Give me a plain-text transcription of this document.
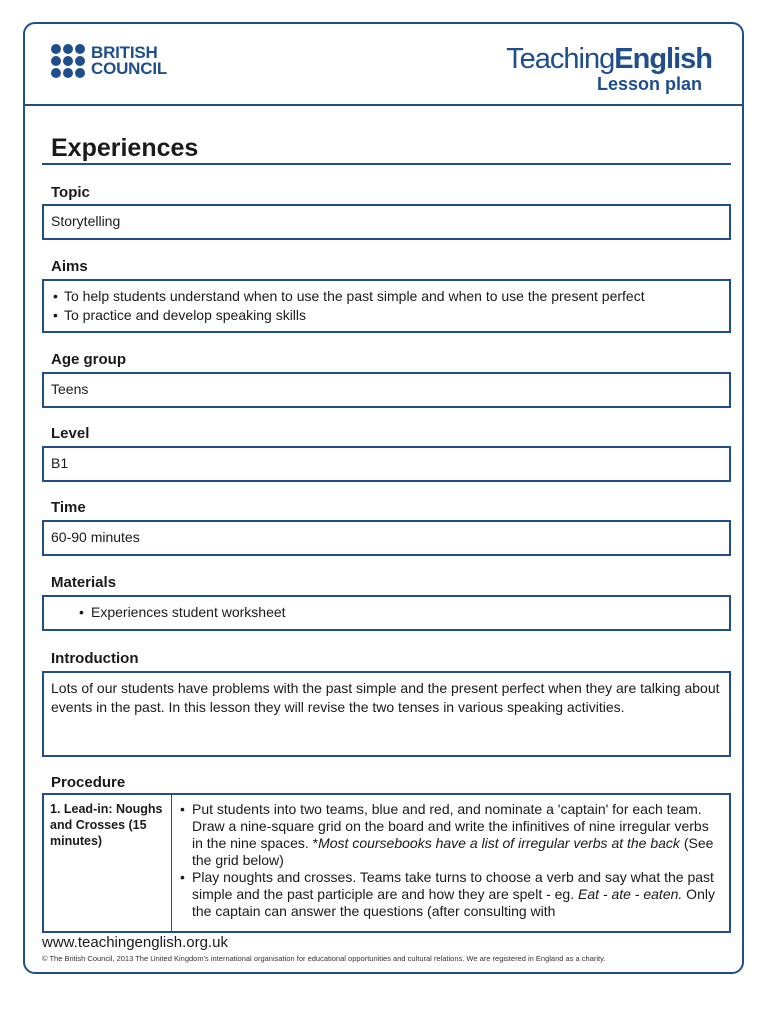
BRITISH
COUNCIL	TeachingEnglish
Lesson plan
Experiences
Topic
Storytelling
Aims
• To help students understand when to use the past simple and when to use the present perfect
• To practice and develop speaking skills
Age group
Teens
Level
B1
Time
60-90 minutes
Materials
• Experiences student worksheet
Introduction
Lots of our students have problems with the past simple and the present perfect when they are talking about events in the past. In this lesson they will revise the two tenses in various speaking activities.
Procedure
1. Lead-in: Noughs and Crosses (15 minutes)
• Put students into two teams, blue and red, and nominate a 'captain' for each team. Draw a nine-square grid on the board and write the infinitives of nine irregular verbs in the nine spaces. *Most coursebooks have a list of irregular verbs at the back (See the grid below)
• Play noughts and crosses. Teams take turns to choose a verb and say what the past simple and the past participle are and how they are spelt - eg. Eat - ate - eaten. Only the captain can answer the questions (after consulting with
www.teachingenglish.org.uk
© The British Council, 2013 The United Kingdom's international organisation for educational opportunities and cultural relations. We are registered in England as a charity.
